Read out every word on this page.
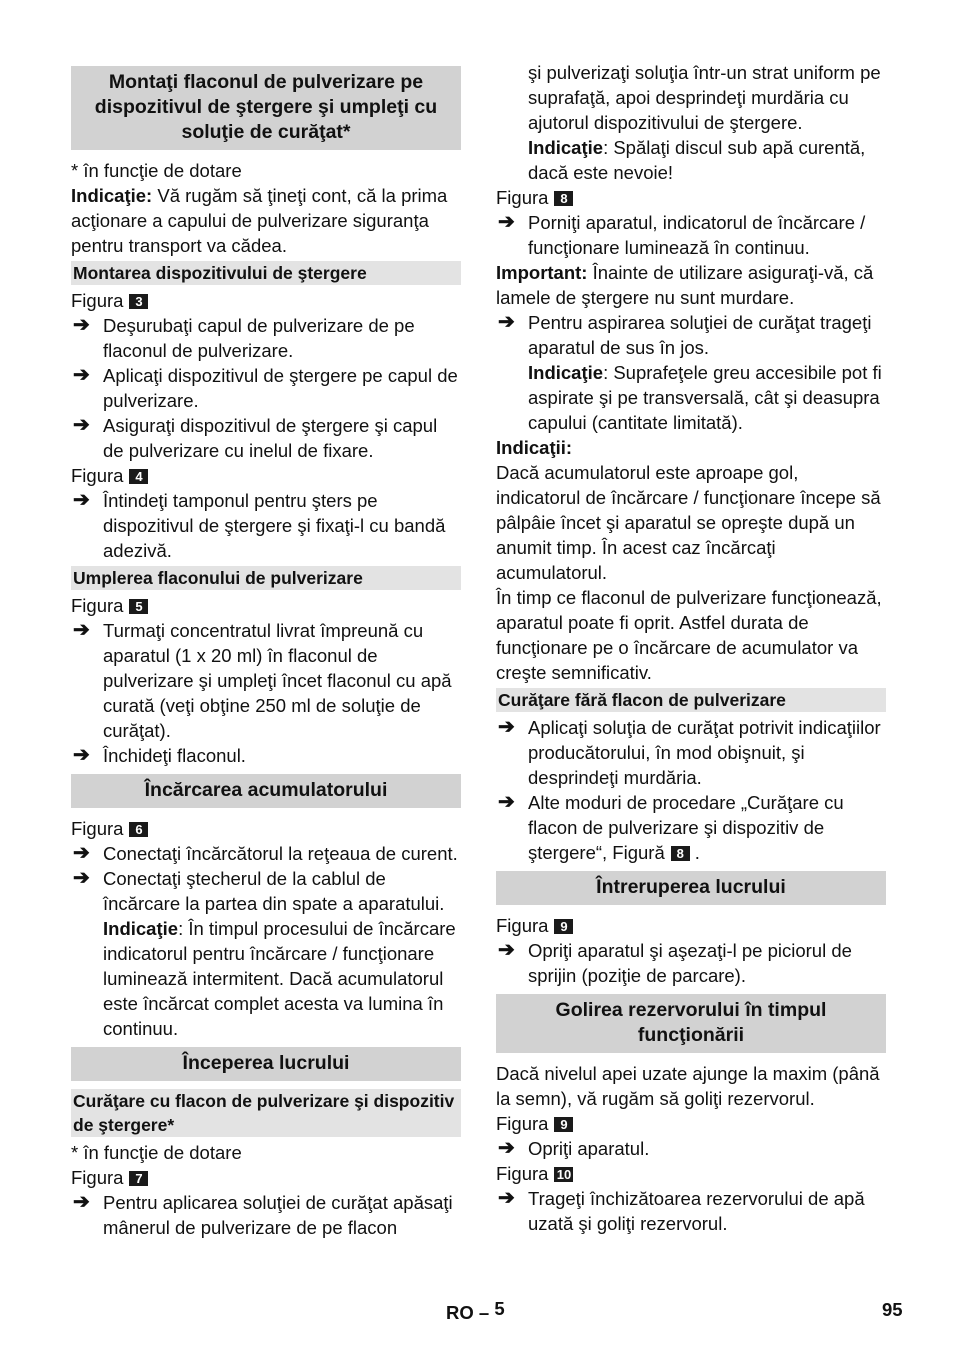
Montaţi flaconul de pulverizare pe dispozitivul de ştergere şi umpleţi cu soluţie de curăţat*

* în funcţie de dotare

Indicaţie: Vă rugăm să ţineţi cont, că la prima acţionare a capului de pulverizare siguranţa pentru transport va cădea.

Montarea dispozitivului de ştergere

Figura 3

➔ Deşurubaţi capul de pulverizare de pe flaconul de pulverizare.
➔ Aplicaţi dispozitivul de ştergere pe capul de pulverizare.
➔ Asiguraţi dispozitivul de ştergere şi capul de pulverizare cu inelul de fixare.

Figura 4

➔ Întindeţi tamponul pentru şters pe dispozitivul de ştergere şi fixaţi-l cu bandă adezivă.
Umplerea flaconului de pulverizare

Figura 5

➔ Turmaţi concentratul livrat împreună cu aparatul (1 x 20 ml) în flaconul de pulverizare şi umpleţi încet flaconul cu apă curată (veţi obţine 250 ml de soluţie de curăţat).
➔ Închideţi flaconul.
Încărcarea acumulatorului

Figura 6

➔ Conectaţi încărcătorul la reţeaua de curent.
➔ Conectaţi ştecherul de la cablul de încărcare la partea din spate a aparatului.
Indicaţie: În timpul procesului de încărcare indicatorul pentru încărcare / funcţionare luminează intermitent. Dacă acumulatorul este încărcat complet acesta va lumina în continuu.
Începerea lucrului
Curăţare cu flacon de pulverizare şi dispozitiv de ştergere*

* în funcţie de dotare

Figura 7

➔ Pentru aplicarea soluţiei de curăţat apăsaţi mânerul de pulverizare de pe flacon
şi pulverizaţi soluţia într-un strat uniform pe suprafaţă, apoi desprindeţi murdăria cu ajutorul dispozitivului de ştergere.
Indicaţie: Spălaţi discul sub apă curentă, dacă este nevoie!

Figura 8

➔ Porniţi aparatul, indicatorul de încărcare / funcţionare luminează în continuu.

Important: Înainte de utilizare asiguraţi-vă, că lamele de ştergere nu sunt murdare.

➔ Pentru aspirarea soluţiei de curăţat trageţi aparatul de sus în jos.
Indicaţie: Suprafeţele greu accesibile pot fi aspirate şi pe transversală, cât şi deasupra capului (cantitate limitată).

Indicaţii:

Dacă acumulatorul este aproape gol, indicatorul de încărcare / funcţionare începe să pâlpâie încet şi aparatul se opreşte după un anumit timp. În acest caz încărcaţi acumulatorul.

În timp ce flaconul de pulverizare funcţionează, aparatul poate fi oprit. Astfel durata de funcţionare pe o încărcare de acumulator va creşte semnificativ.

Curăţare fără flacon de pulverizare
➔ Aplicaţi soluţia de curăţat potrivit indicaţiilor producătorului, în mod obişnuit, şi desprindeţi murdăria.
➔ Alte moduri de procedare „Curăţare cu flacon de pulverizare şi dispozitiv de ştergere“, Figură 8 .
Întreruperea lucrului

Figura 9

➔ Opriţi aparatul şi aşezaţi-l pe piciorul de sprijin (poziţie de parcare).
Golirea rezervorului în timpul funcţionării

Dacă nivelul apei uzate ajunge la maxim (până la semn), vă rugăm să goliţi rezervorul.

Figura 9

➔ Opriţi aparatul.

Figura 10

➔ Trageţi închizătoarea rezervorului de apă uzată şi goliţi rezervorul.
RO – 5	95
